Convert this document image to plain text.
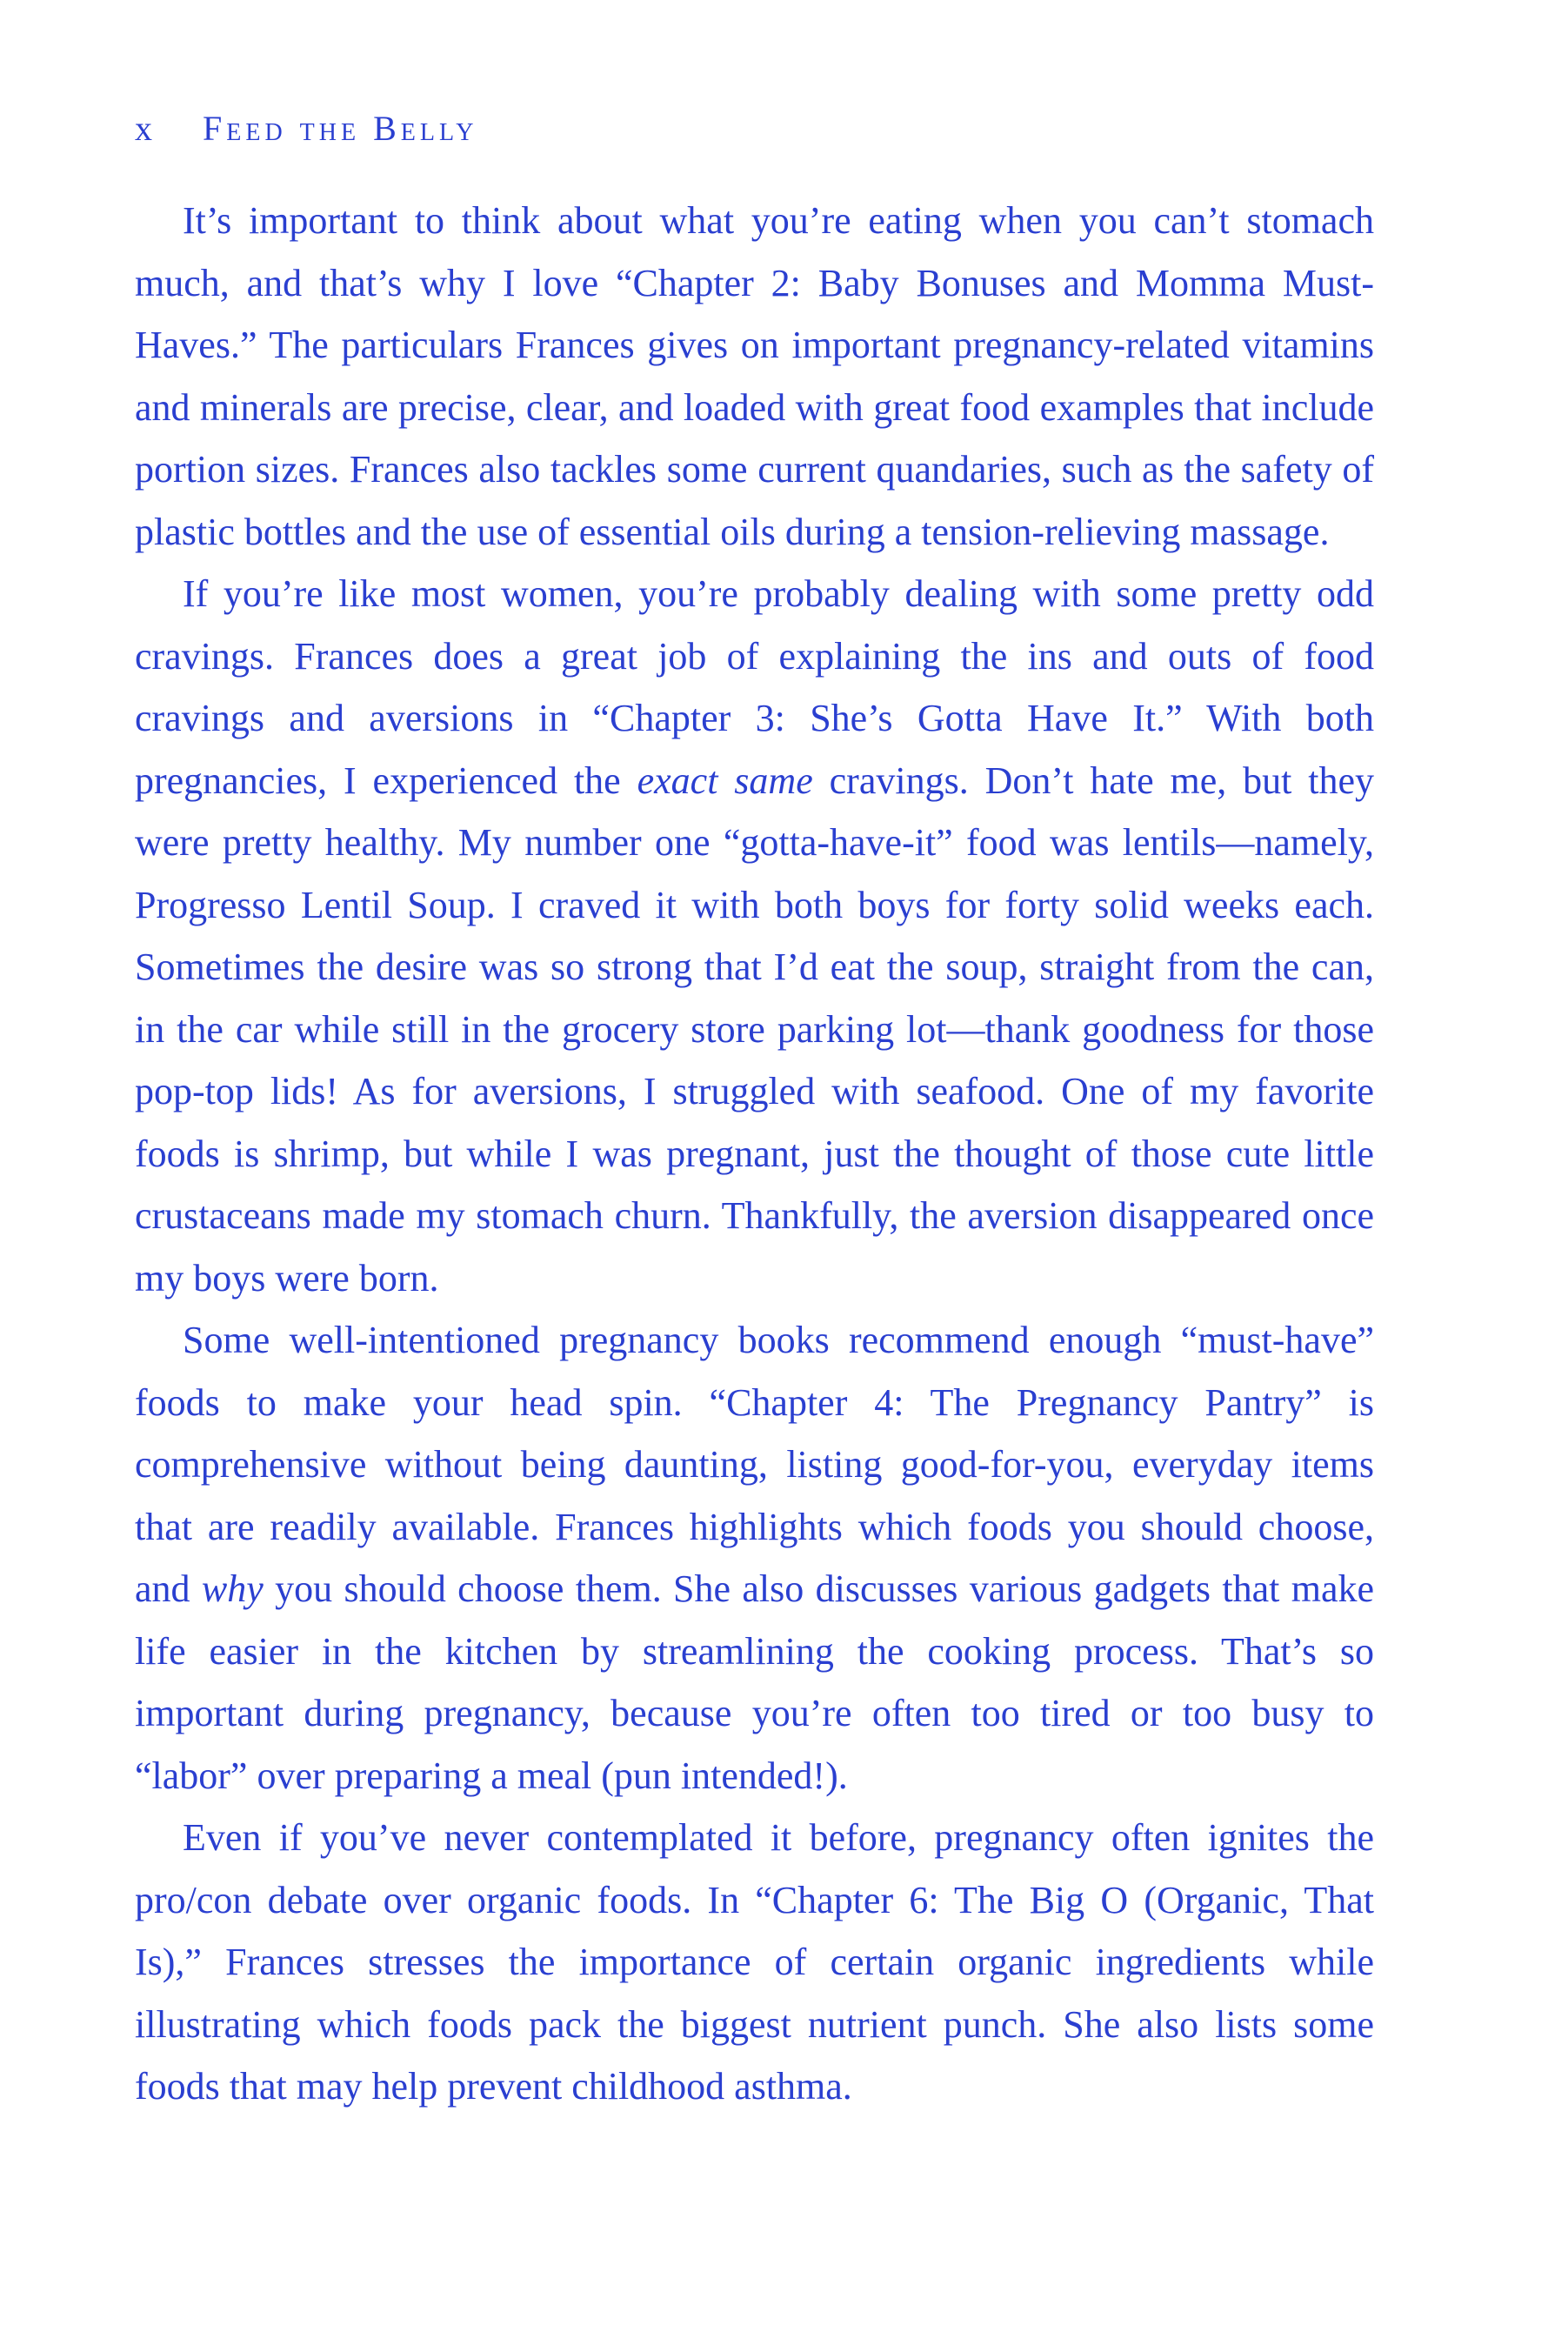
x Feed the Belly

It’s important to think about what you’re eating when you can’t stomach much, and that’s why I love “Chapter 2: Baby Bonuses and Momma Must-Haves.” The particulars Frances gives on important pregnancy-related vitamins and minerals are precise, clear, and loaded with great food examples that include portion sizes. Frances also tackles some current quandaries, such as the safety of plastic bottles and the use of essential oils during a tension-relieving massage.

If you’re like most women, you’re probably dealing with some pretty odd cravings. Frances does a great job of explaining the ins and outs of food cravings and aversions in “Chapter 3: She’s Gotta Have It.” With both pregnancies, I experienced the exact same cravings. Don’t hate me, but they were pretty healthy. My number one “gotta-have-it” food was lentils—namely, Progresso Lentil Soup. I craved it with both boys for forty solid weeks each. Sometimes the desire was so strong that I’d eat the soup, straight from the can, in the car while still in the grocery store parking lot—thank goodness for those pop-top lids! As for aversions, I struggled with seafood. One of my favorite foods is shrimp, but while I was pregnant, just the thought of those cute little crustaceans made my stomach churn. Thankfully, the aversion disappeared once my boys were born.

Some well-intentioned pregnancy books recommend enough “must-have” foods to make your head spin. “Chapter 4: The Pregnancy Pantry” is comprehensive without being daunting, listing good-for-you, everyday items that are readily available. Frances highlights which foods you should choose, and why you should choose them. She also discusses various gadgets that make life easier in the kitchen by streamlining the cooking process. That’s so important during pregnancy, because you’re often too tired or too busy to “labor” over preparing a meal (pun intended!).

Even if you’ve never contemplated it before, pregnancy often ignites the pro/con debate over organic foods. In “Chapter 6: The Big O (Organic, That Is),” Frances stresses the importance of certain organic ingredients while illustrating which foods pack the biggest nutrient punch. She also lists some foods that may help prevent childhood asthma.
